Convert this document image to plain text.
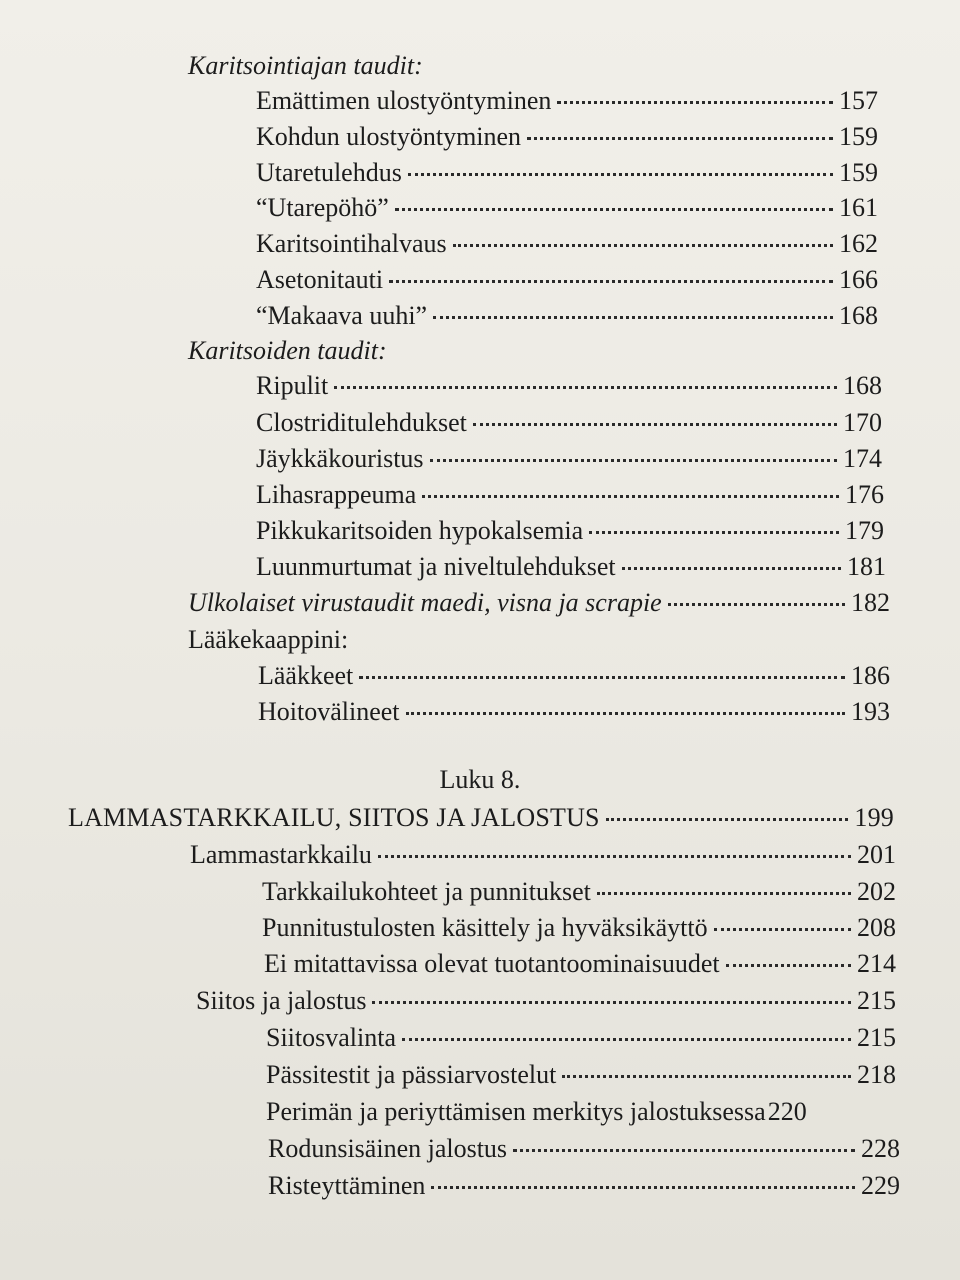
Karitsointiajan taudit:
Emättimen ulostyöntyminen	157
Kohdun ulostyöntyminen	159
Utaretulehdus	159
“Utarepöhö”	161
Karitsointihalvaus	162
Asetonitauti	166
“Makaava uuhi”	168
Karitsoiden taudit:
Ripulit	168
Clostriditulehdukset	170
Jäykkäkouristus	174
Lihasrappeuma	176
Pikkukaritsoiden hypokalsemia	179
Luunmurtumat ja niveltulehdukset	181
Ulkolaiset virustaudit maedi, visna ja scrapie	182
Lääkekaappini:
Lääkkeet	186
Hoitovälineet	193
Luku 8.
LAMMASTARKKAILU, SIITOS JA JALOSTUS	199
Lammastarkkailu	201
Tarkkailukohteet ja punnitukset	202
Punnitustulosten käsittely ja hyväksikäyttö	208
Ei mitattavissa olevat tuotantoominaisuudet	214
Siitos ja jalostus	215
Siitosvalinta	215
Pässitestit ja pässiarvostelut	218
Perimän ja periyttämisen merkitys jalostuksessa 220
Rodunsisäinen jalostus	228
Risteyttäminen	229
